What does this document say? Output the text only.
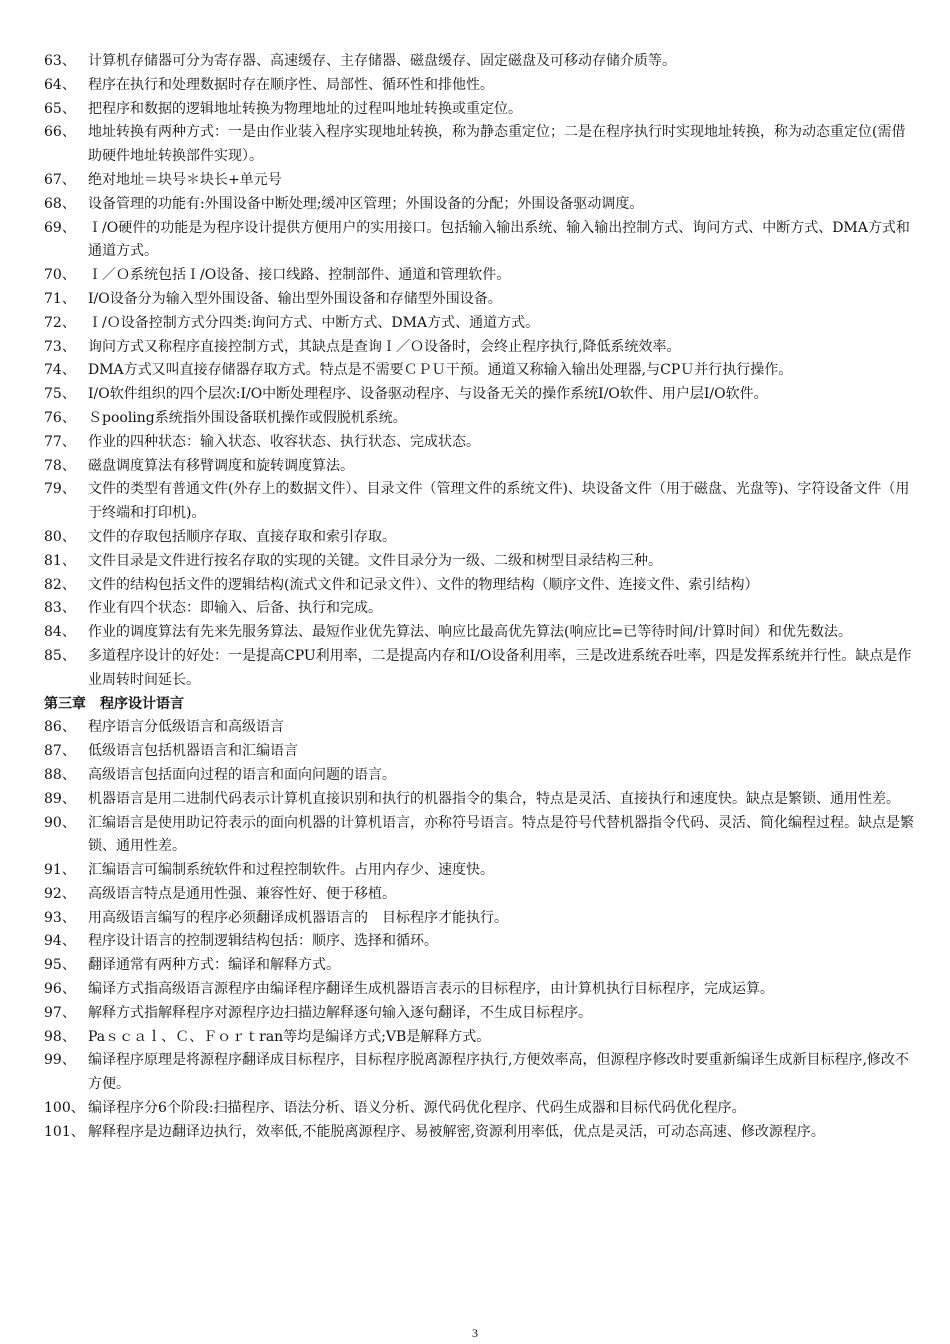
63、 计算机存储器可分为寄存器、高速缓存、主存储器、磁盘缓存、固定磁盘及可移动存储介质等。
64、 程序在执行和处理数据时存在顺序性、局部性、循环性和排他性。
65、 把程序和数据的逻辑地址转换为物理地址的过程叫地址转换或重定位。
66、 地址转换有两种方式：一是由作业装入程序实现地址转换，称为静态重定位；二是在程序执行时实现地址转换，称为动态重定位(需借助硬件地址转换部件实现）。
67、 绝对地址＝块号＊块长+单元号
68、 设备管理的功能有:外围设备中断处理;缓冲区管理；外围设备的分配；外围设备驱动调度。
69、 Ｉ/O硬件的功能是为程序设计提供方便用户的实用接口。包括输入输出系统、输入输出控制方式、询问方式、中断方式、DMA方式和通道方式。
70、 Ｉ／Ｏ系统包括Ｉ/O设备、接口线路、控制部件、通道和管理软件。
71、 I/O设备分为输入型外围设备、输出型外围设备和存储型外围设备。
72、 Ｉ/Ｏ设备控制方式分四类:询问方式、中断方式、DMA方式、通道方式。
73、 询问方式又称程序直接控制方式，其缺点是查询Ｉ／Ｏ设备时，会终止程序执行,降低系统效率。
74、 DMA方式又叫直接存储器存取方式。特点是不需要ＣＰＵ干预。通道又称输入输出处理器,与CPＵ并行执行操作。
75、 I/O软件组织的四个层次:I/O中断处理程序、设备驱动程序、与设备无关的操作系统I/O软件、用户层I/O软件。
76、 Ｓpooling系统指外围设备联机操作或假脱机系统。
77、 作业的四种状态：输入状态、收容状态、执行状态、完成状态。
78、 磁盘调度算法有移臂调度和旋转调度算法。
79、 文件的类型有普通文件(外存上的数据文件）、目录文件（管理文件的系统文件)、块设备文件（用于磁盘、光盘等)、字符设备文件（用于终端和打印机)。
80、 文件的存取包括顺序存取、直接存取和索引存取。
81、 文件目录是文件进行按名存取的实现的关键。文件目录分为一级、二级和树型目录结构三种。
82、 文件的结构包括文件的逻辑结构(流式文件和记录文件）、文件的物理结构（顺序文件、连接文件、索引结构）
83、 作业有四个状态：即输入、后备、执行和完成。
84、 作业的调度算法有先来先服务算法、最短作业优先算法、响应比最高优先算法(响应比=已等待时间/计算时间）和优先数法。
85、 多道程序设计的好处：一是提高CPU利用率，二是提高内存和I/O设备利用率，三是改进系统吞吐率，四是发挥系统并行性。缺点是作业周转时间延长。
第三章 程序设计语言
86、 程序语言分低级语言和高级语言
87、 低级语言包括机器语言和汇编语言
88、 高级语言包括面向过程的语言和面向问题的语言。
89、 机器语言是用二进制代码表示计算机直接识别和执行的机器指令的集合，特点是灵活、直接执行和速度快。缺点是繁锁、通用性差。
90、 汇编语言是使用助记符表示的面向机器的计算机语言，亦称符号语言。特点是符号代替机器指令代码、灵活、简化编程过程。缺点是繁锁、通用性差。
91、 汇编语言可编制系统软件和过程控制软件。占用内存少、速度快。
92、 高级语言特点是通用性强、兼容性好、便于移植。
93、 用高级语言编写的程序必须翻译成机器语言的　目标程序才能执行。
94、 程序设计语言的控制逻辑结构包括：顺序、选择和循环。
95、 翻译通常有两种方式：编译和解释方式。
96、 编译方式指高级语言源程序由编译程序翻译生成机器语言表示的目标程序，由计算机执行目标程序，完成运算。
97、 解释方式指解释程序对源程序边扫描边解释逐句输入逐句翻译，不生成目标程序。
98、 Paｓｃａｌ、Ｃ、Ｆｏｒｔran等均是编译方式;VB是解释方式。
99、 编译程序原理是将源程序翻译成目标程序，目标程序脱离源程序执行,方便效率高，但源程序修改时要重新编译生成新目标程序,修改不方便。
100、 编译程序分6个阶段:扫描程序、语法分析、语义分析、源代码优化程序、代码生成器和目标代码优化程序。
101、 解释程序是边翻译边执行，效率低,不能脱离源程序、易被解密,资源利用率低，优点是灵活，可动态高速、修改源程序。
3
